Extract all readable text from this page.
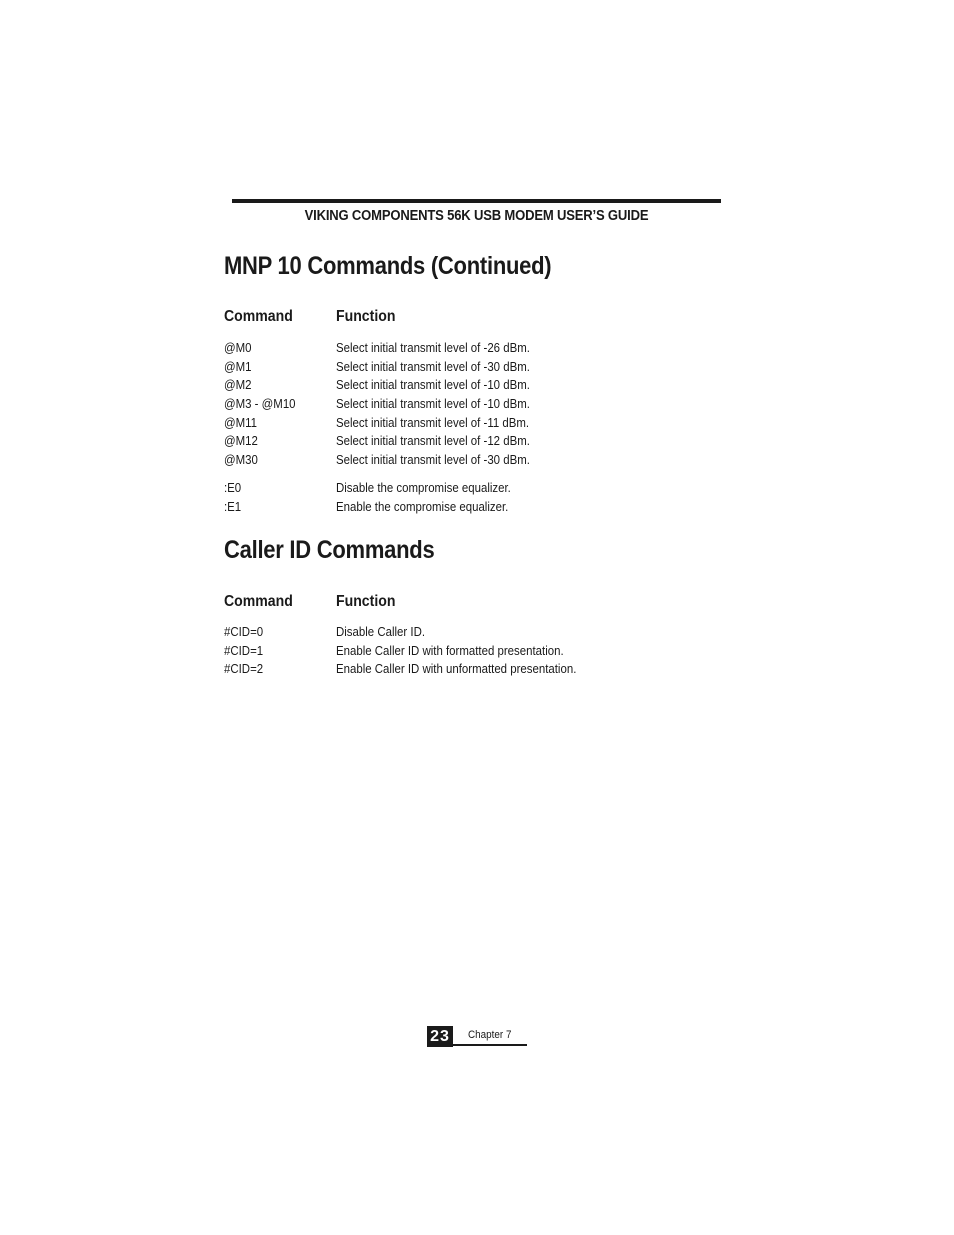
VIKING COMPONENTS 56K USB MODEM USER’S GUIDE
MNP 10 Commands (Continued)
Command	Function
@M0	Select initial transmit level of -26 dBm.
@M1	Select initial transmit level of -30 dBm.
@M2	Select initial transmit level of -10 dBm.
@M3 - @M10	Select initial transmit level of -10 dBm.
@M11	Select initial transmit level of -11 dBm.
@M12	Select initial transmit level of -12 dBm.
@M30	Select initial transmit level of -30 dBm.
:E0	Disable the compromise equalizer.
:E1	Enable the compromise equalizer.
Caller ID Commands
Command	Function
#CID=0	Disable Caller ID.
#CID=1	Enable Caller ID with formatted presentation.
#CID=2	Enable Caller ID with unformatted presentation.
23 Chapter 7
